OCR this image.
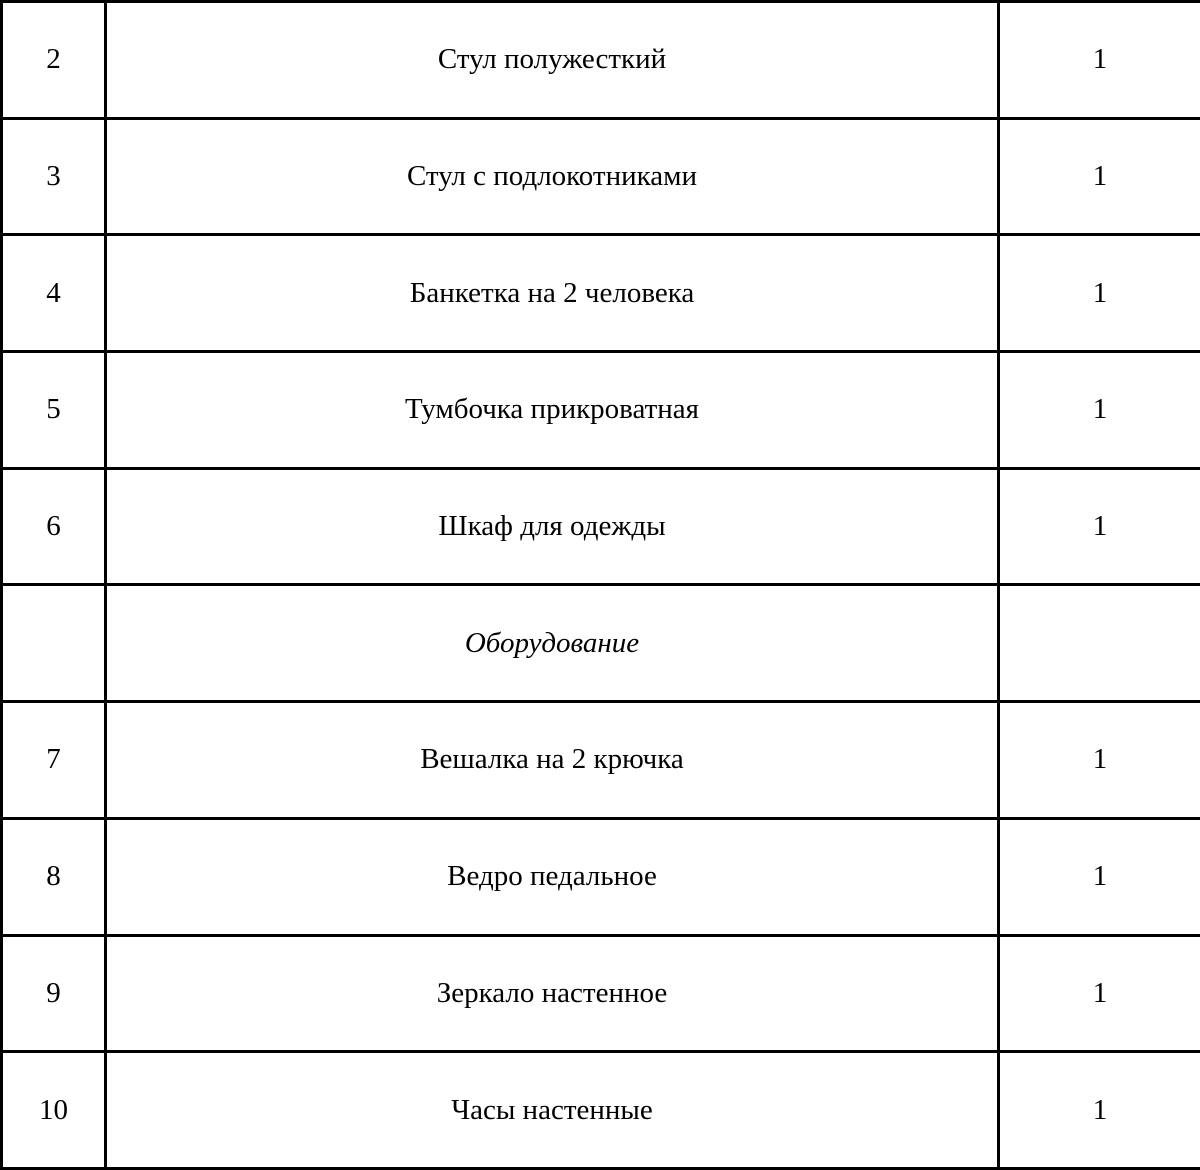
2	Стул полужесткий	1
3	Стул с подлокотниками	1
4	Банкетка на 2 человека	1
5	Тумбочка прикроватная	1
6	Шкаф для одежды	1
	Оборудование	
7	Вешалка на 2 крючка	1
8	Ведро педальное	1
9	Зеркало настенное	1
10	Часы настенные	1
